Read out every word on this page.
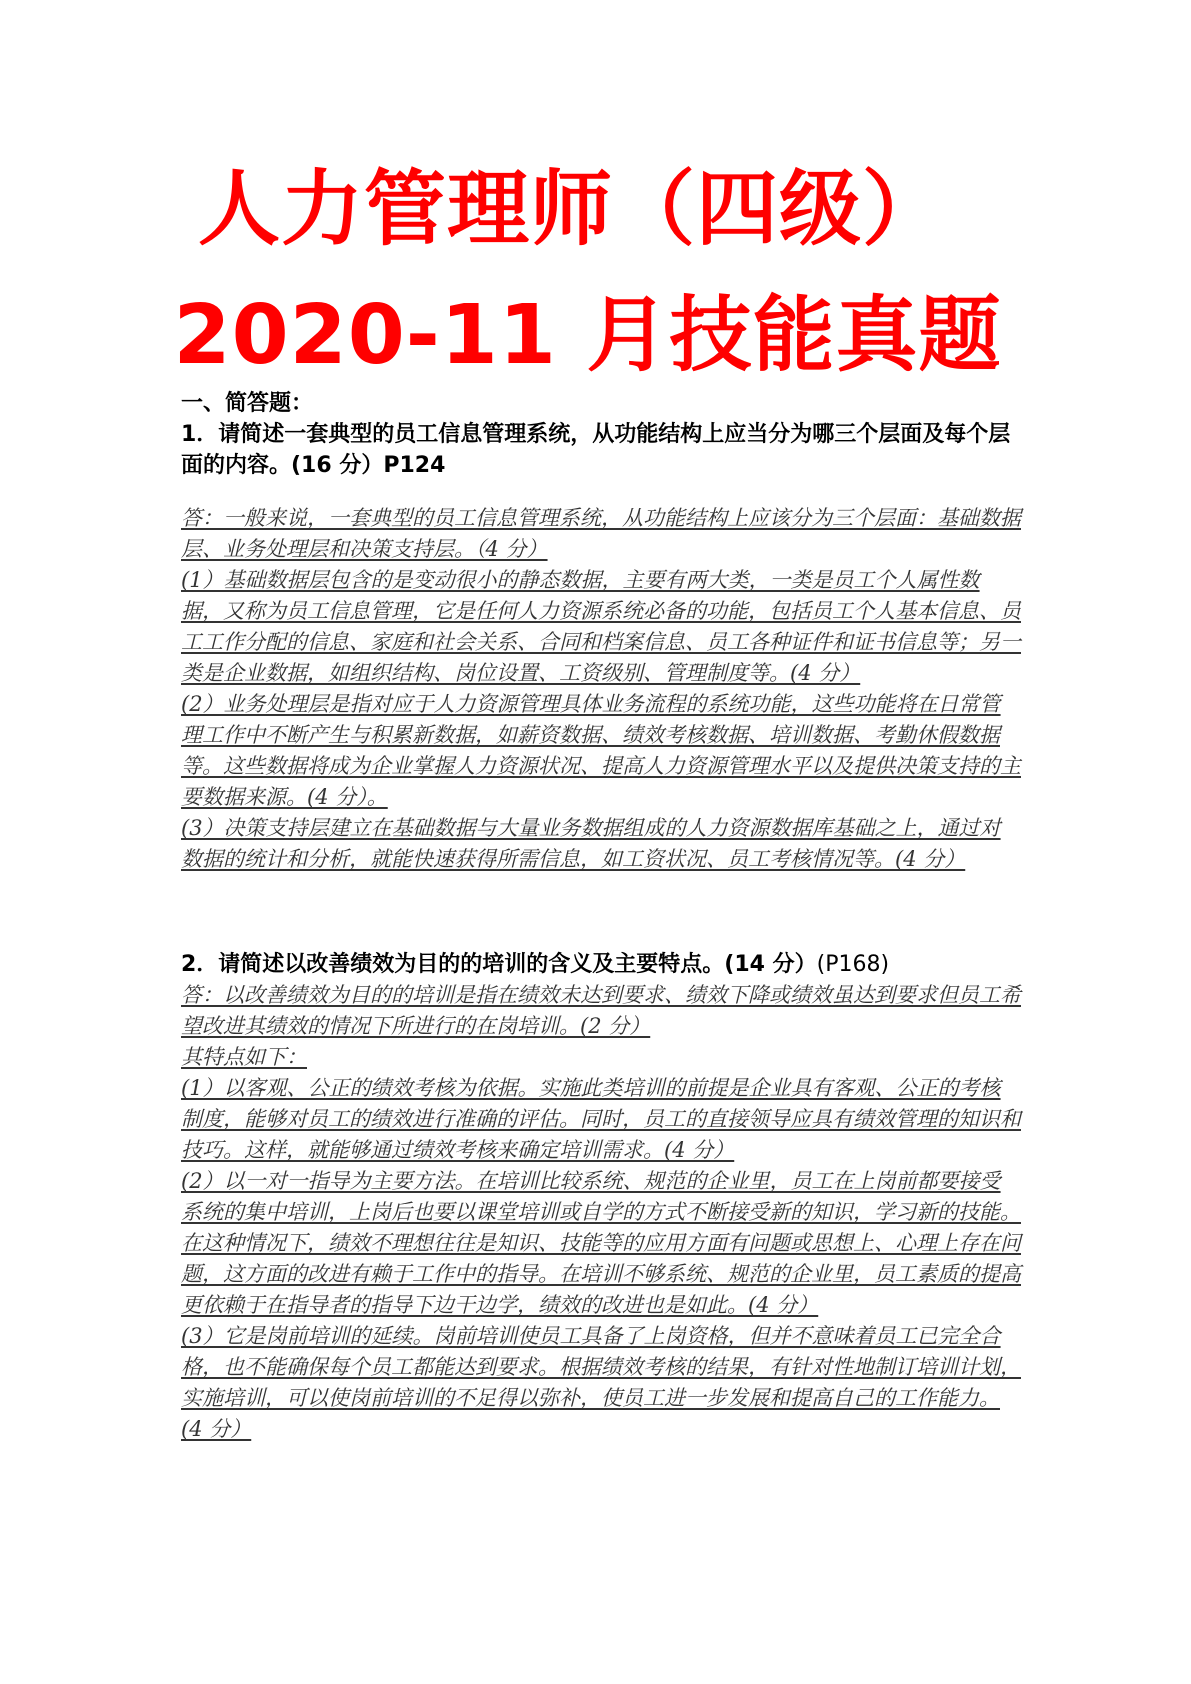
人力管理师（四级）
2020-11 月技能真题
一、简答题：
1．请简述一套典型的员工信息管理系统，从功能结构上应当分为哪三个层面及每个层面的内容。(16 分）P124
答：一般来说，一套典型的员工信息管理系统，从功能结构上应该分为三个层面：基础数据层、业务处理层和决策支持层。（4 分）
(1）基础数据层包含的是变动很小的静态数据，主要有两大类，一类是员工个人属性数据，又称为员工信息管理，它是任何人力资源系统必备的功能，包括员工个人基本信息、员工工作分配的信息、家庭和社会关系、合同和档案信息、员工各种证件和证书信息等；另一类是企业数据，如组织结构、岗位设置、工资级别、管理制度等。(4 分）
(2）业务处理层是指对应于人力资源管理具体业务流程的系统功能，这些功能将在日常管理工作中不断产生与积累新数据，如薪资数据、绩效考核数据、培训数据、考勤休假数据等。这些数据将成为企业掌握人力资源状况、提高人力资源管理水平以及提供决策支持的主要数据来源。(4 分）。
(3）决策支持层建立在基础数据与大量业务数据组成的人力资源数据库基础之上，通过对数据的统计和分析，就能快速获得所需信息，如工资状况、员工考核情况等。(4 分）
2．请简述以改善绩效为目的的培训的含义及主要特点。(14 分）(P168)
答：以改善绩效为目的的培训是指在绩效未达到要求、绩效下降或绩效虽达到要求但员工希望改进其绩效的情况下所进行的在岗培训。(2 分）
其特点如下：
(1）以客观、公正的绩效考核为依据。实施此类培训的前提是企业具有客观、公正的考核制度，能够对员工的绩效进行准确的评估。同时，员工的直接领导应具有绩效管理的知识和技巧。这样，就能够通过绩效考核来确定培训需求。(4 分）
(2）以一对一指导为主要方法。在培训比较系统、规范的企业里，员工在上岗前都要接受系统的集中培训，上岗后也要以课堂培训或自学的方式不断接受新的知识，学习新的技能。在这种情况下，绩效不理想往往是知识、技能等的应用方面有问题或思想上、心理上存在问题，这方面的改进有赖于工作中的指导。在培训不够系统、规范的企业里，员工素质的提高更依赖于在指导者的指导下边干边学，绩效的改进也是如此。(4 分）
(3）它是岗前培训的延续。岗前培训使员工具备了上岗资格，但并不意味着员工已完全合格，也不能确保每个员工都能达到要求。根据绩效考核的结果，有针对性地制订培训计划，实施培训，可以使岗前培训的不足得以弥补，使员工进一步发展和提高自己的工作能力。(4 分）
